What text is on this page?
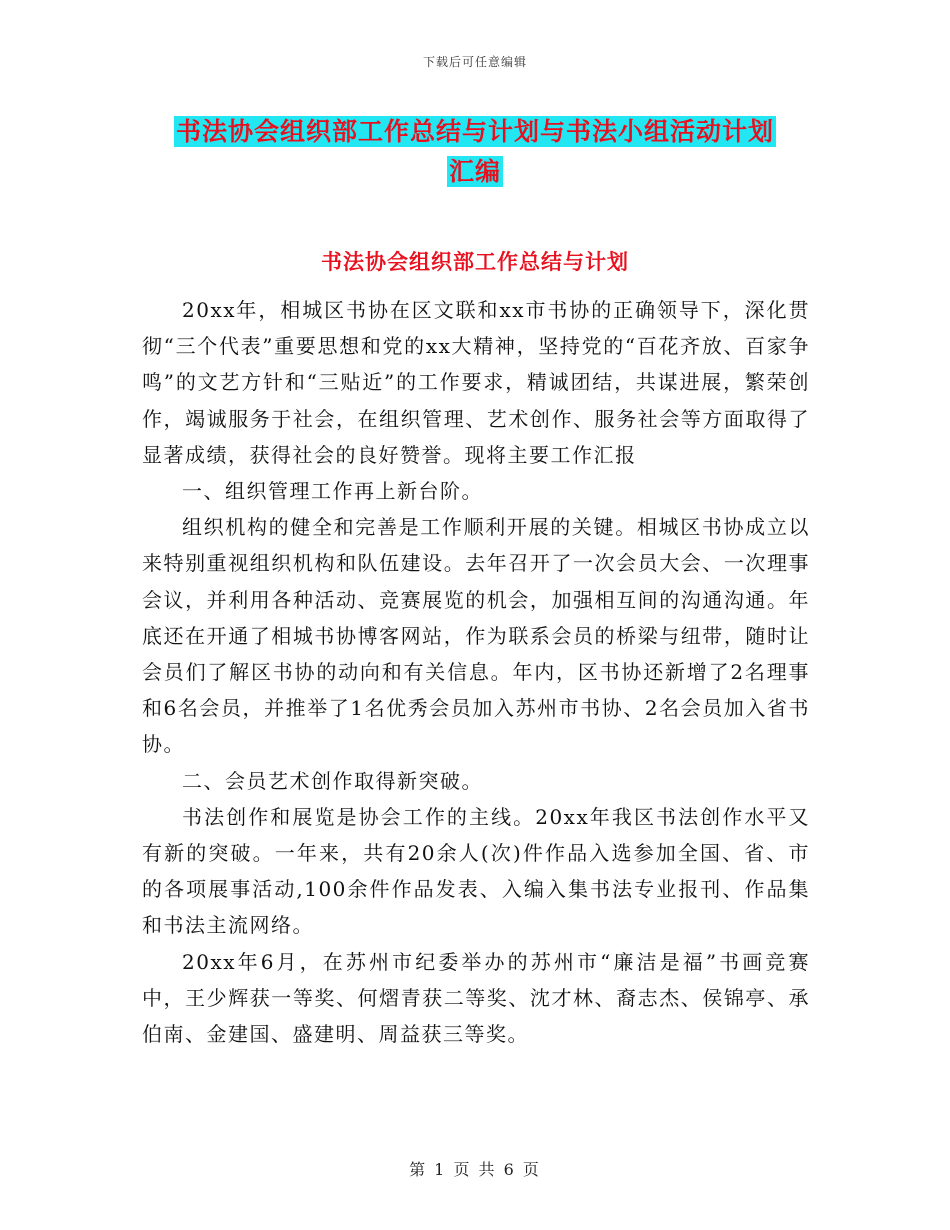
下载后可任意编辑
书法协会组织部工作总结与计划与书法小组活动计划
汇编
书法协会组织部工作总结与计划

20xx年，相城区书协在区文联和xx市书协的正确领导下，深化贯彻“三个代表”重要思想和党的xx大精神，坚持党的“百花齐放、百家争鸣”的文艺方针和“三贴近”的工作要求，精诚团结，共谋进展，繁荣创作，竭诚服务于社会，在组织管理、艺术创作、服务社会等方面取得了显著成绩，获得社会的良好赞誉。现将主要工作汇报

一、组织管理工作再上新台阶。

组织机构的健全和完善是工作顺利开展的关键。相城区书协成立以来特别重视组织机构和队伍建设。去年召开了一次会员大会、一次理事会议，并利用各种活动、竞赛展览的机会，加强相互间的沟通沟通。年底还在开通了相城书协博客网站，作为联系会员的桥梁与纽带，随时让会员们了解区书协的动向和有关信息。年内，区书协还新增了2名理事和6名会员，并推举了1名优秀会员加入苏州市书协、2名会员加入省书协。

二、会员艺术创作取得新突破。

书法创作和展览是协会工作的主线。20xx年我区书法创作水平又有新的突破。一年来，共有20余人(次)件作品入选参加全国、省、市的各项展事活动,100余件作品发表、入编入集书法专业报刊、作品集和书法主流网络。

20xx年6月，在苏州市纪委举办的苏州市“廉洁是福”书画竞赛中，王少辉获一等奖、何熠青获二等奖、沈才林、裔志杰、侯锦亭、承伯南、金建国、盛建明、周益获三等奖。

第 1 页 共 6 页
